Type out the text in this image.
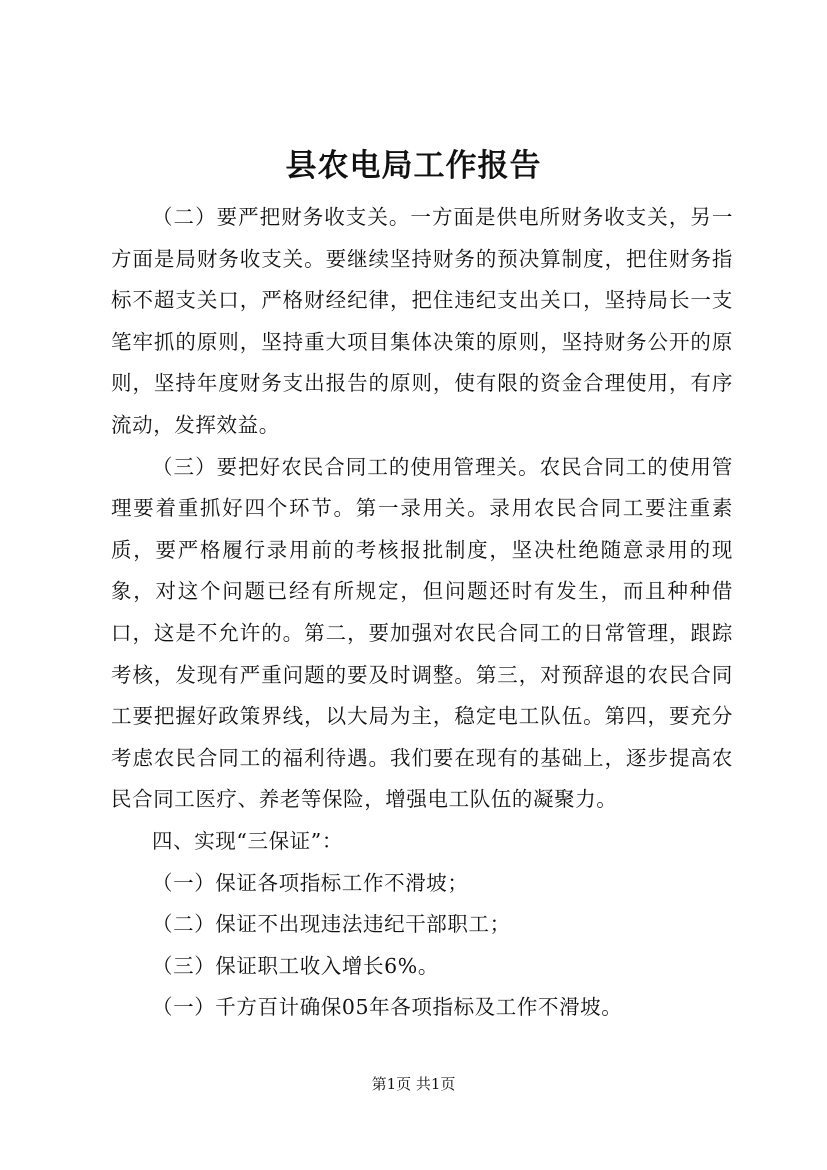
县农电局工作报告

（二）要严把财务收支关。一方面是供电所财务收支关，另一方面是局财务收支关。要继续坚持财务的预决算制度，把住财务指标不超支关口，严格财经纪律，把住违纪支出关口，坚持局长一支笔牢抓的原则，坚持重大项目集体决策的原则，坚持财务公开的原则，坚持年度财务支出报告的原则，使有限的资金合理使用，有序流动，发挥效益。

（三）要把好农民合同工的使用管理关。农民合同工的使用管理要着重抓好四个环节。第一录用关。录用农民合同工要注重素质，要严格履行录用前的考核报批制度，坚决杜绝随意录用的现象，对这个问题已经有所规定，但问题还时有发生，而且种种借口，这是不允许的。第二，要加强对农民合同工的日常管理，跟踪考核，发现有严重问题的要及时调整。第三，对预辞退的农民合同工要把握好政策界线，以大局为主，稳定电工队伍。第四，要充分考虑农民合同工的福利待遇。我们要在现有的基础上，逐步提高农民合同工医疗、养老等保险，增强电工队伍的凝聚力。

四、实现“三保证”：

（一）保证各项指标工作不滑坡；

（二）保证不出现违法违纪干部职工；

（三）保证职工收入增长6%。

（一）千方百计确保05年各项指标及工作不滑坡。

第1页 共1页
